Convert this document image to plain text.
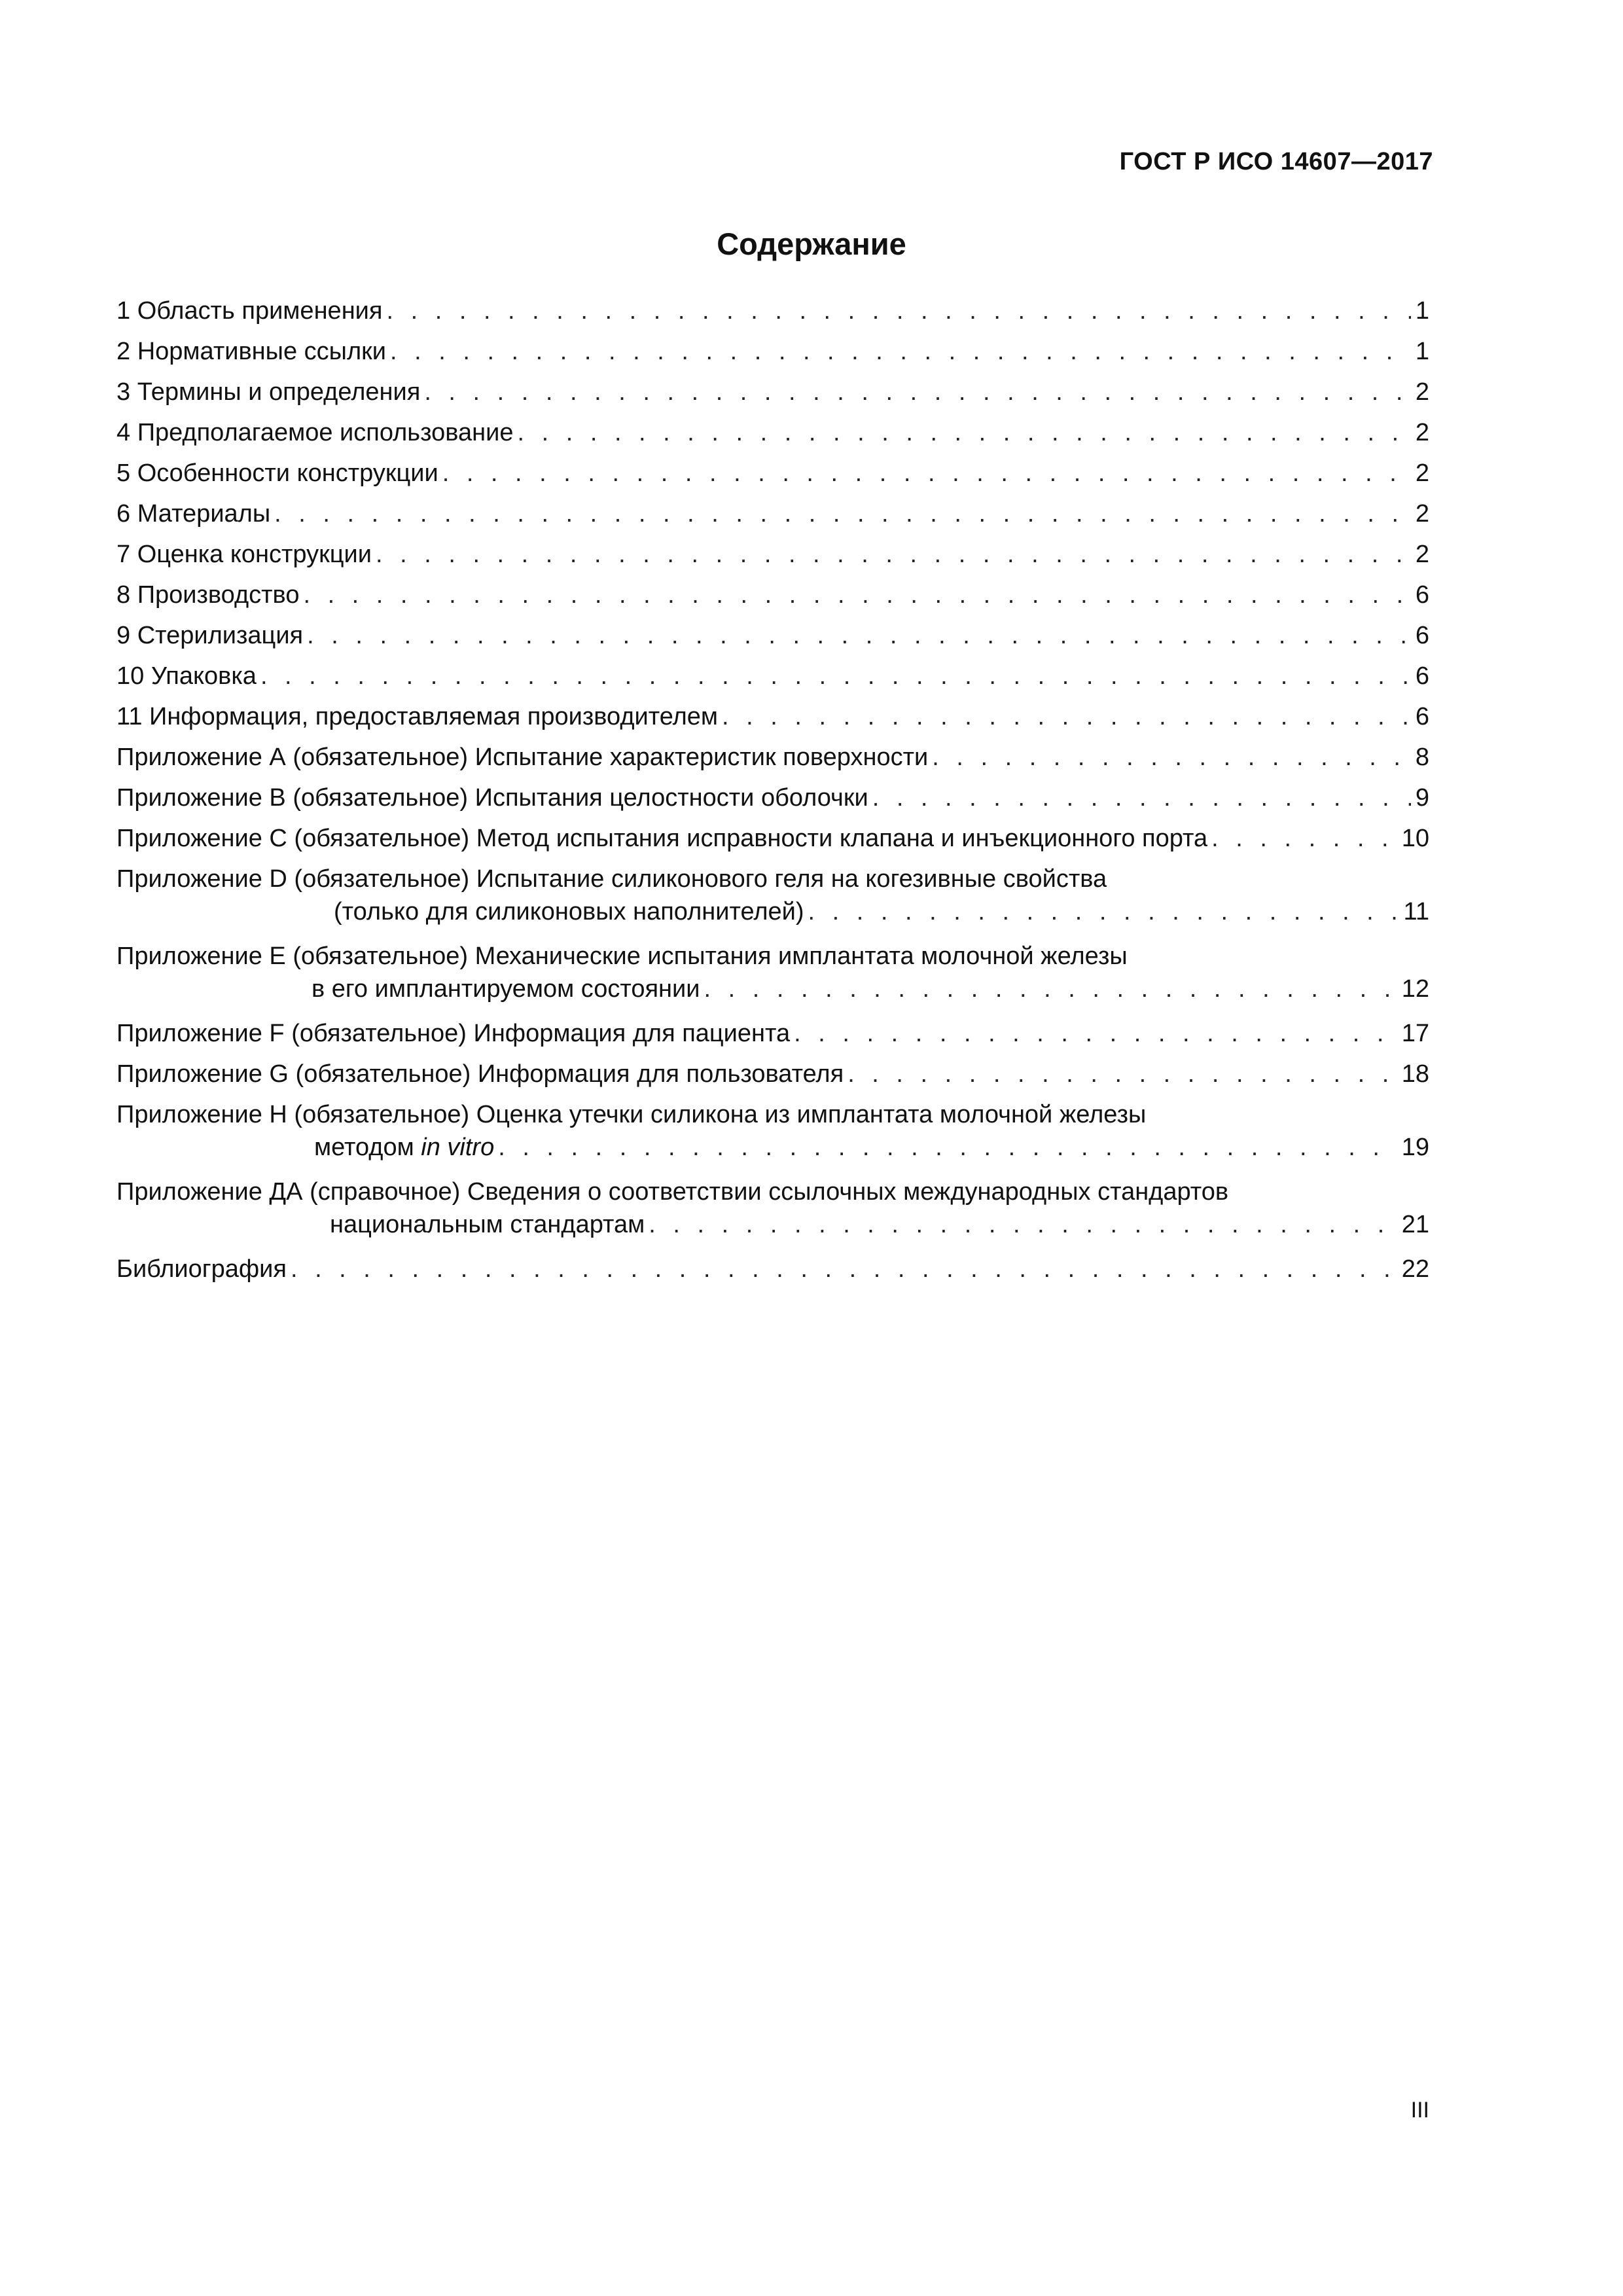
ГОСТ Р ИСО 14607—2017
Содержание
1 Область применения . . .	1
2 Нормативные ссылки . . .	1
3 Термины и определения . . .	2
4 Предполагаемое использование . . .	2
5 Особенности конструкции . . .	2
6 Материалы . . .	2
7 Оценка конструкции . . .	2
8 Производство . . .	6
9 Стерилизация . . .	6
10 Упаковка . . .	6
11 Информация, предоставляемая производителем . . .	6
Приложение А (обязательное) Испытание характеристик поверхности . . .	8
Приложение В (обязательное) Испытания целостности оболочки . . .	9
Приложение С (обязательное) Метод испытания исправности клапана и инъекционного порта . . .	10
Приложение D (обязательное) Испытание силиконового геля на когезивные свойства
(только для силиконовых наполнителей) . . .	11
Приложение Е (обязательное) Механические испытания имплантата молочной железы
в его имплантируемом состоянии . . .	12
Приложение F (обязательное) Информация для пациента . . .	17
Приложение G (обязательное) Информация для пользователя . . .	18
Приложение Н (обязательное) Оценка утечки силикона из имплантата молочной железы
методом in vitro . . .	19
Приложение ДА (справочное) Сведения о соответствии ссылочных международных стандартов
национальным стандартам . . .	21
Библиография . . .	22
III
